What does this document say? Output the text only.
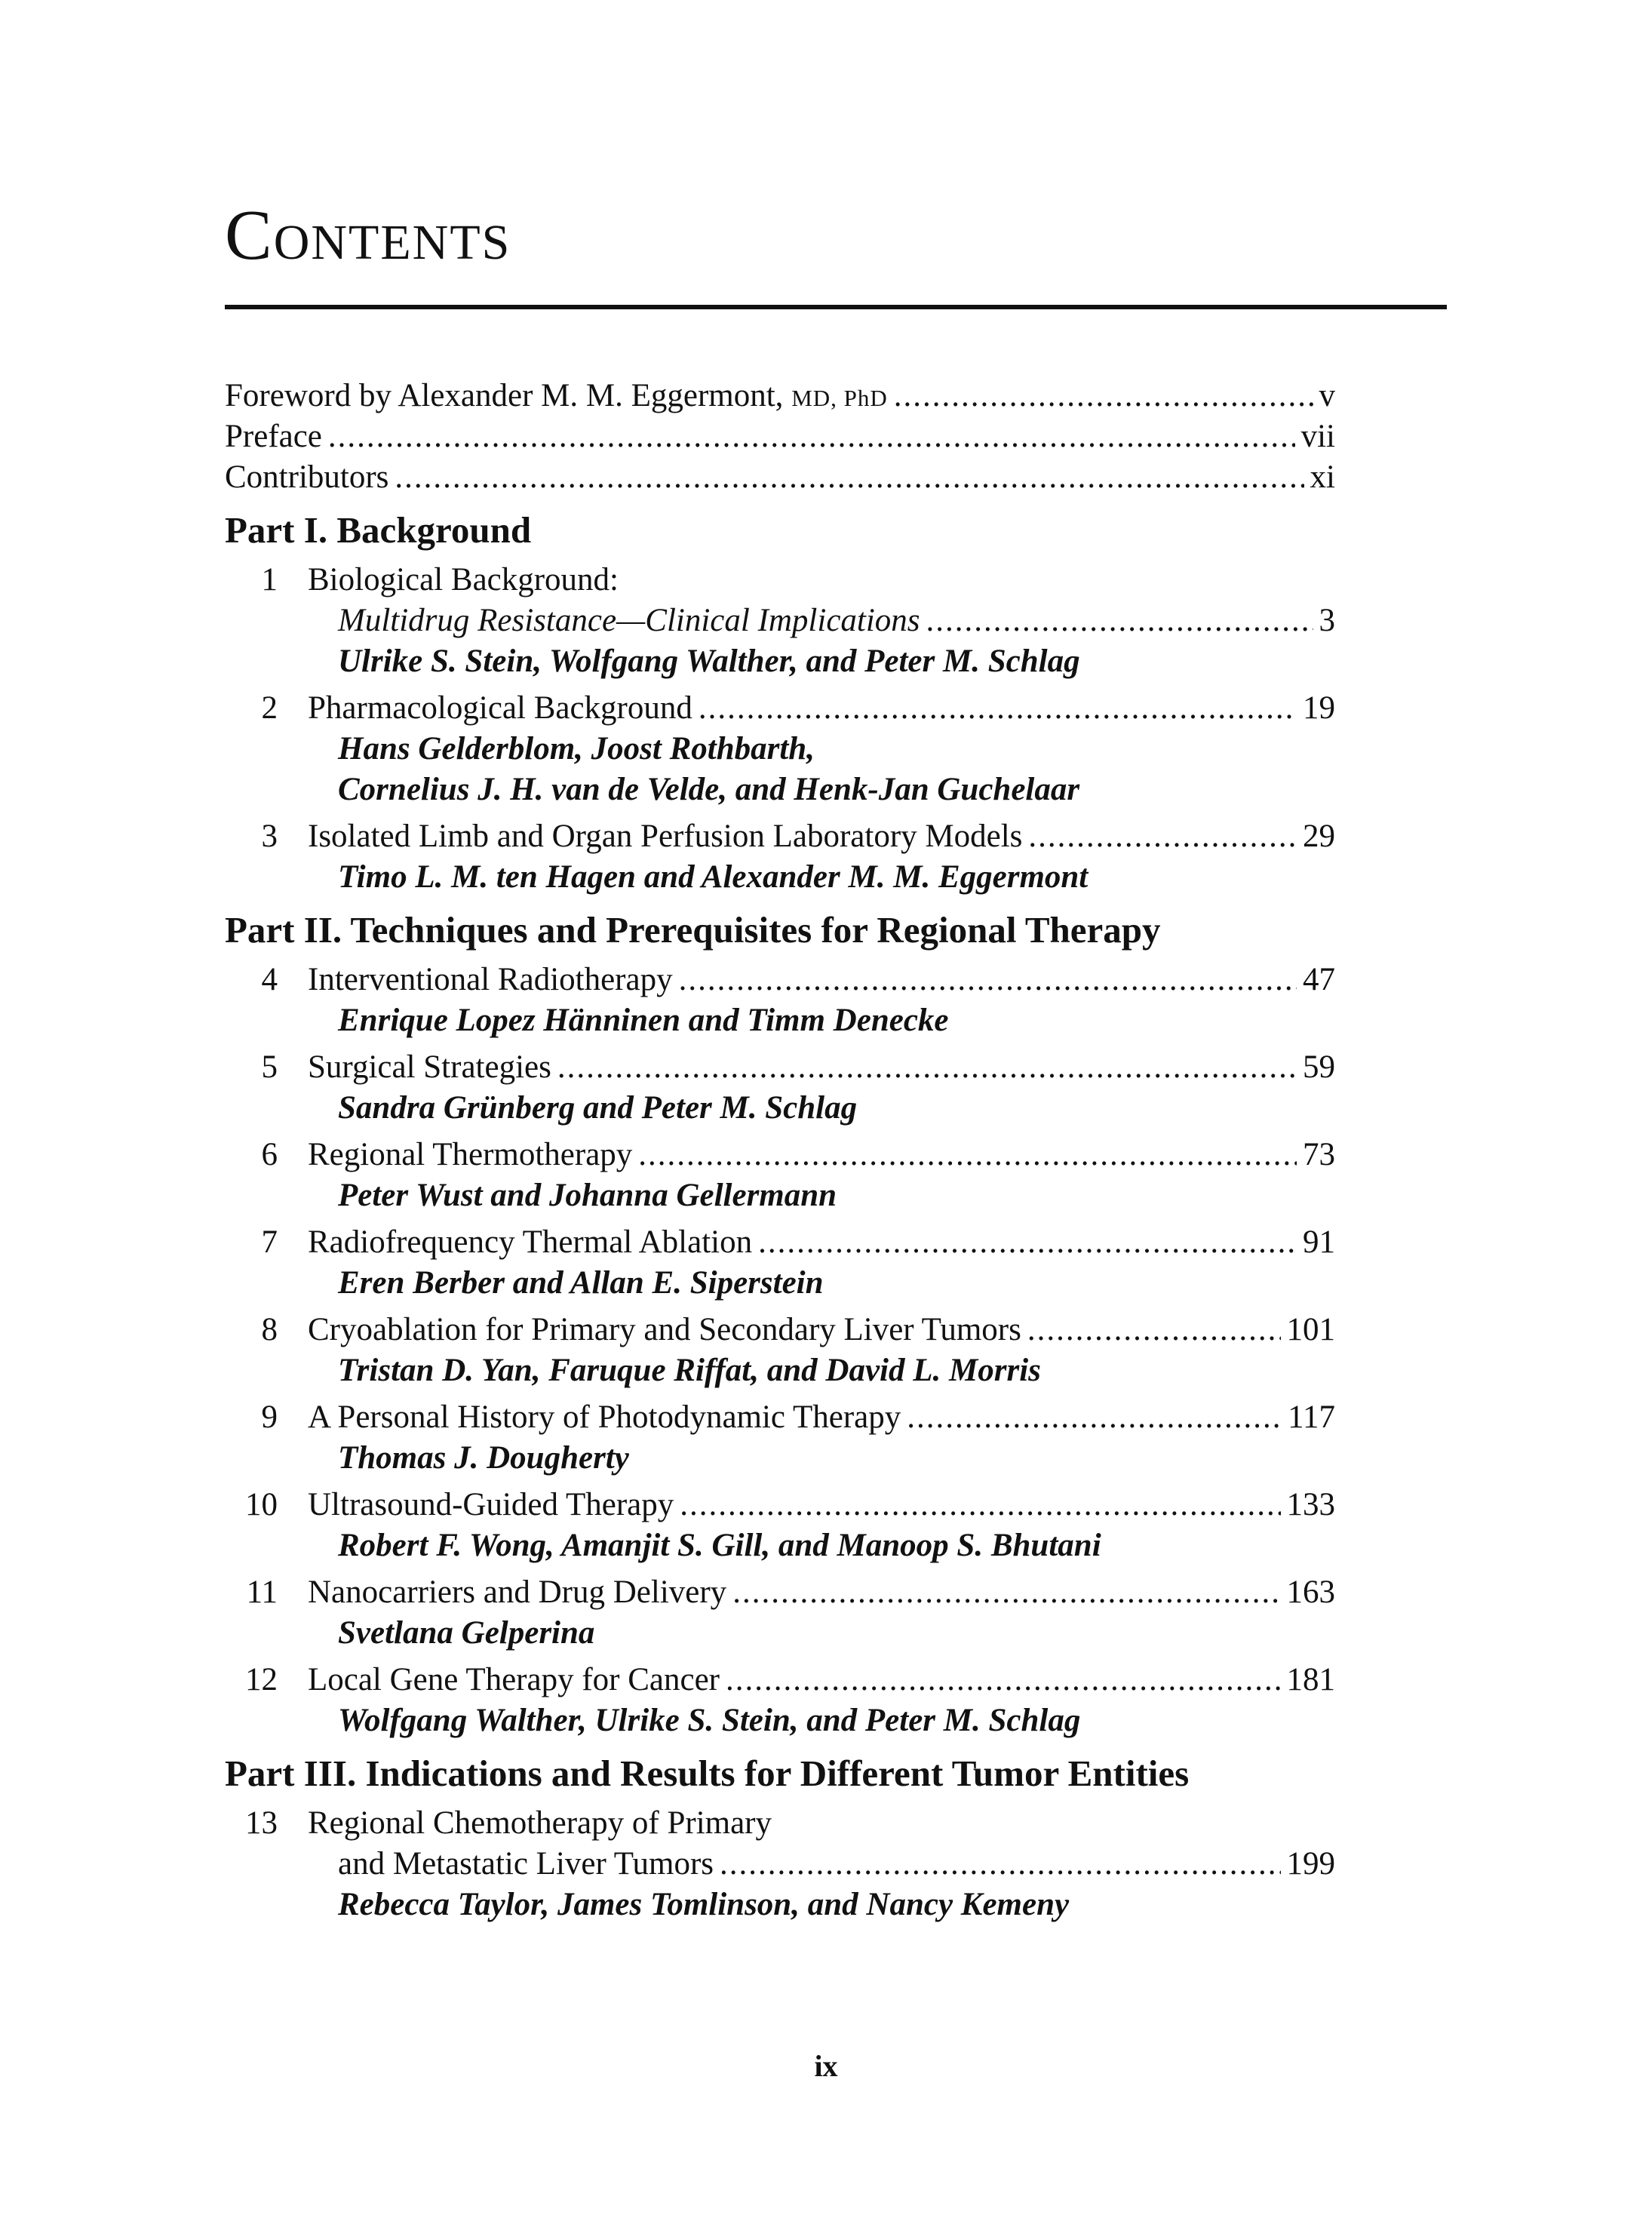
Contents
Foreword by Alexander M. M. Eggermont, MD, PhD .....	v
Preface .....	vii
Contributors .....	xi
Part I. Background
1 Biological Background:
Multidrug Resistance—Clinical Implications .....	3
Ulrike S. Stein, Wolfgang Walther, and Peter M. Schlag
2 Pharmacological Background .....	19
Hans Gelderblom, Joost Rothbarth,
Cornelius J. H. van de Velde, and Henk-Jan Guchelaar
3 Isolated Limb and Organ Perfusion Laboratory Models .....	29
Timo L. M. ten Hagen and Alexander M. M. Eggermont
Part II. Techniques and Prerequisites for Regional Therapy
4 Interventional Radiotherapy .....	47
Enrique Lopez Hänninen and Timm Denecke
5 Surgical Strategies .....	59
Sandra Grünberg and Peter M. Schlag
6 Regional Thermotherapy .....	73
Peter Wust and Johanna Gellermann
7 Radiofrequency Thermal Ablation .....	91
Eren Berber and Allan E. Siperstein
8 Cryoablation for Primary and Secondary Liver Tumors .....	101
Tristan D. Yan, Faruque Riffat, and David L. Morris
9 A Personal History of Photodynamic Therapy .....	117
Thomas J. Dougherty
10 Ultrasound-Guided Therapy .....	133
Robert F. Wong, Amanjit S. Gill, and Manoop S. Bhutani
11 Nanocarriers and Drug Delivery .....	163
Svetlana Gelperina
12 Local Gene Therapy for Cancer .....	181
Wolfgang Walther, Ulrike S. Stein, and Peter M. Schlag
Part III. Indications and Results for Different Tumor Entities
13 Regional Chemotherapy of Primary
and Metastatic Liver Tumors .....	199
Rebecca Taylor, James Tomlinson, and Nancy Kemeny
ix
